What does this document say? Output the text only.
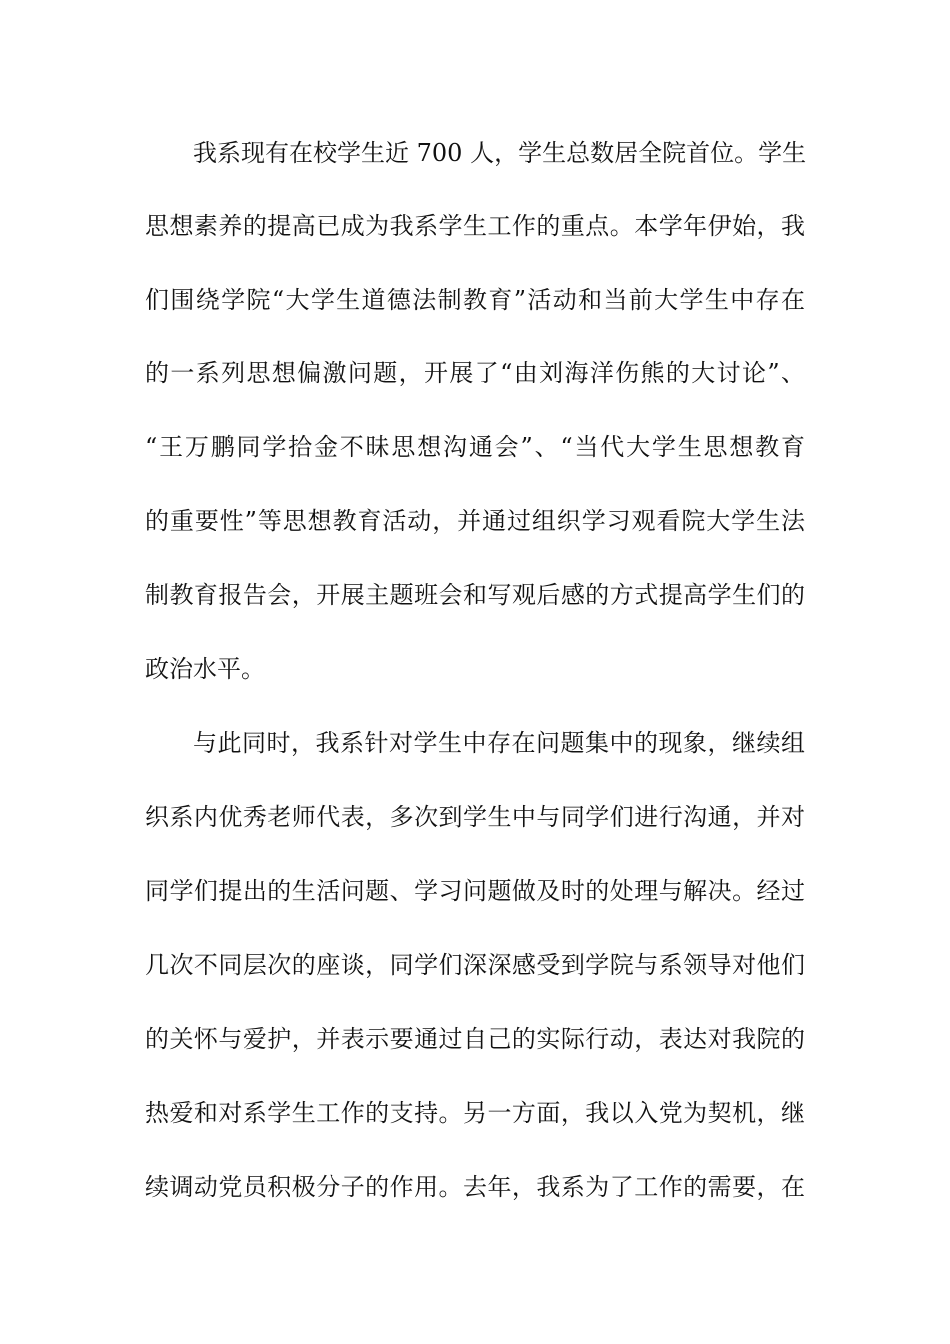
我系现有在校学生近 700 人，学生总数居全院首位。学生
思想素养的提高已成为我系学生工作的重点。本学年伊始，我
们围绕学院“大学生道德法制教育”活动和当前大学生中存在
的一系列思想偏激问题，开展了“由刘海洋伤熊的大讨论”、
“王万鹏同学拾金不昧思想沟通会”、“当代大学生思想教育
的重要性”等思想教育活动，并通过组织学习观看院大学生法
制教育报告会，开展主题班会和写观后感的方式提高学生们的
政治水平。
与此同时，我系针对学生中存在问题集中的现象，继续组
织系内优秀老师代表，多次到学生中与同学们进行沟通，并对
同学们提出的生活问题、学习问题做及时的处理与解决。经过
几次不同层次的座谈，同学们深深感受到学院与系领导对他们
的关怀与爱护，并表示要通过自己的实际行动，表达对我院的
热爱和对系学生工作的支持。另一方面，我以入党为契机，继
续调动党员积极分子的作用。去年，我系为了工作的需要，在
